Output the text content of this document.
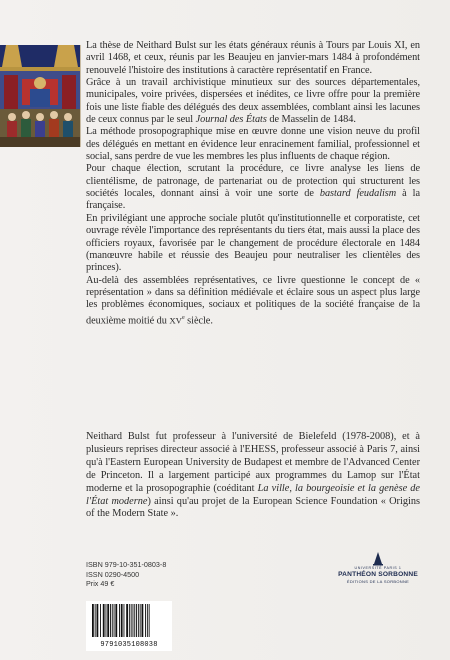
La thèse de Neithard Bulst sur les états généraux réunis à Tours par Louis XI, en avril 1468, et ceux, réunis par les Beaujeu en janvier-mars 1484 à profondément renouvelé l'histoire des institutions à caractère représentatif en France.

Grâce à un travail archivistique minutieux sur des sources départementales, municipales, voire privées, dispersées et inédites, ce livre offre pour la première fois une liste fiable des délégués des deux assemblées, comblant ainsi les lacunes de ceux connus par le seul Journal des États de Masselin de 1484.

La méthode prosopographique mise en œuvre donne une vision neuve du profil des délégués en mettant en évidence leur enracinement familial, professionnel et social, sans perdre de vue les membres les plus influents de chaque région.

Pour chaque élection, scrutant la procédure, ce livre analyse les liens de clientélisme, de patronage, de partenariat ou de protection qui structurent les sociétés locales, donnant ainsi à voir une sorte de bastard feudalism à la française.

En privilégiant une approche sociale plutôt qu'institutionnelle et corporatiste, cet ouvrage révèle l'importance des représentants du tiers état, mais aussi la place des officiers royaux, favorisée par le changement de procédure électorale en 1484 (manœuvre habile et réussie des Beaujeu pour neutraliser les clientèles des princes).

Au-delà des assemblées représentatives, ce livre questionne le concept de « représentation » dans sa définition médiévale et éclaire sous un aspect plus large les problèmes économiques, sociaux et politiques de la société française de la deuxième moitié du XVe siècle.

Neithard Bulst fut professeur à l'université de Bielefeld (1978-2008), et à plusieurs reprises directeur associé à l'EHESS, professeur associé à Paris 7, ainsi qu'à l'Eastern European University de Budapest et membre de l'Advanced Center de Princeton. Il a largement participé aux programmes du Lamop sur l'État moderne et la prosopographie (coéditant La ville, la bourgeoisie et la genèse de l'État moderne) ainsi qu'au projet de la European Science Foundation « Origins of the Modern State ».

ISBN 979-10-351-0803-8
ISSN 0290-4500
Prix 49 €
9791035108038
UNIVERSITÉ PARIS 1
PANTHÉON SORBONNE
ÉDITIONS DE LA SORBONNE
